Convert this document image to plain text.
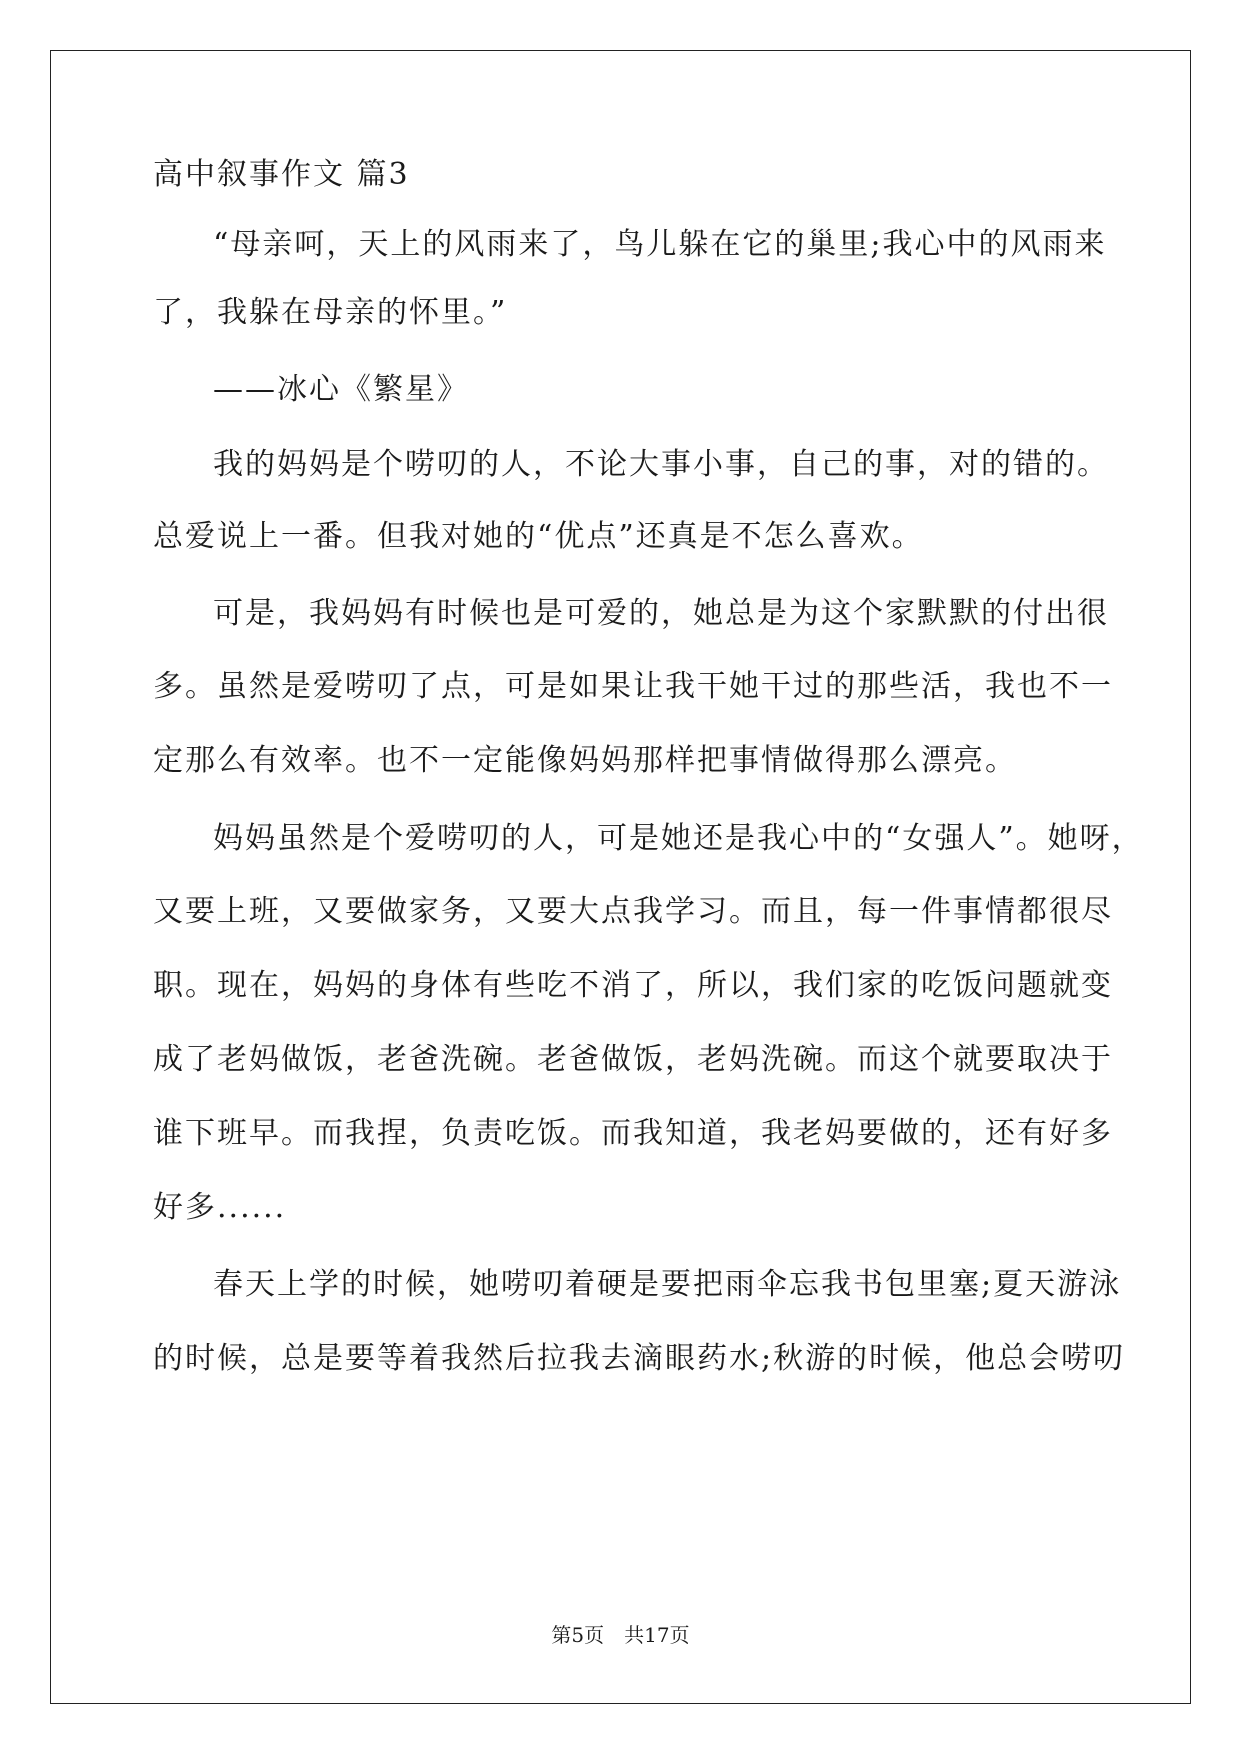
高中叙事作文 篇3
“母亲呵，天上的风雨来了，鸟儿躲在它的巢里;我心中的风雨来
了，我躲在母亲的怀里。”
——冰心《繁星》
我的妈妈是个唠叨的人，不论大事小事，自己的事，对的错的。
总爱说上一番。但我对她的“优点”还真是不怎么喜欢。
可是，我妈妈有时候也是可爱的，她总是为这个家默默的付出很
多。虽然是爱唠叨了点，可是如果让我干她干过的那些活，我也不一
定那么有效率。也不一定能像妈妈那样把事情做得那么漂亮。
妈妈虽然是个爱唠叨的人，可是她还是我心中的“女强人”。她呀，
又要上班，又要做家务，又要大点我学习。而且，每一件事情都很尽
职。现在，妈妈的身体有些吃不消了，所以，我们家的吃饭问题就变
成了老妈做饭，老爸洗碗。老爸做饭，老妈洗碗。而这个就要取决于
谁下班早。而我捏，负责吃饭。而我知道，我老妈要做的，还有好多
好多......
春天上学的时候，她唠叨着硬是要把雨伞忘我书包里塞;夏天游泳
的时候，总是要等着我然后拉我去滴眼药水;秋游的时候，他总会唠叨
第5页　共17页
